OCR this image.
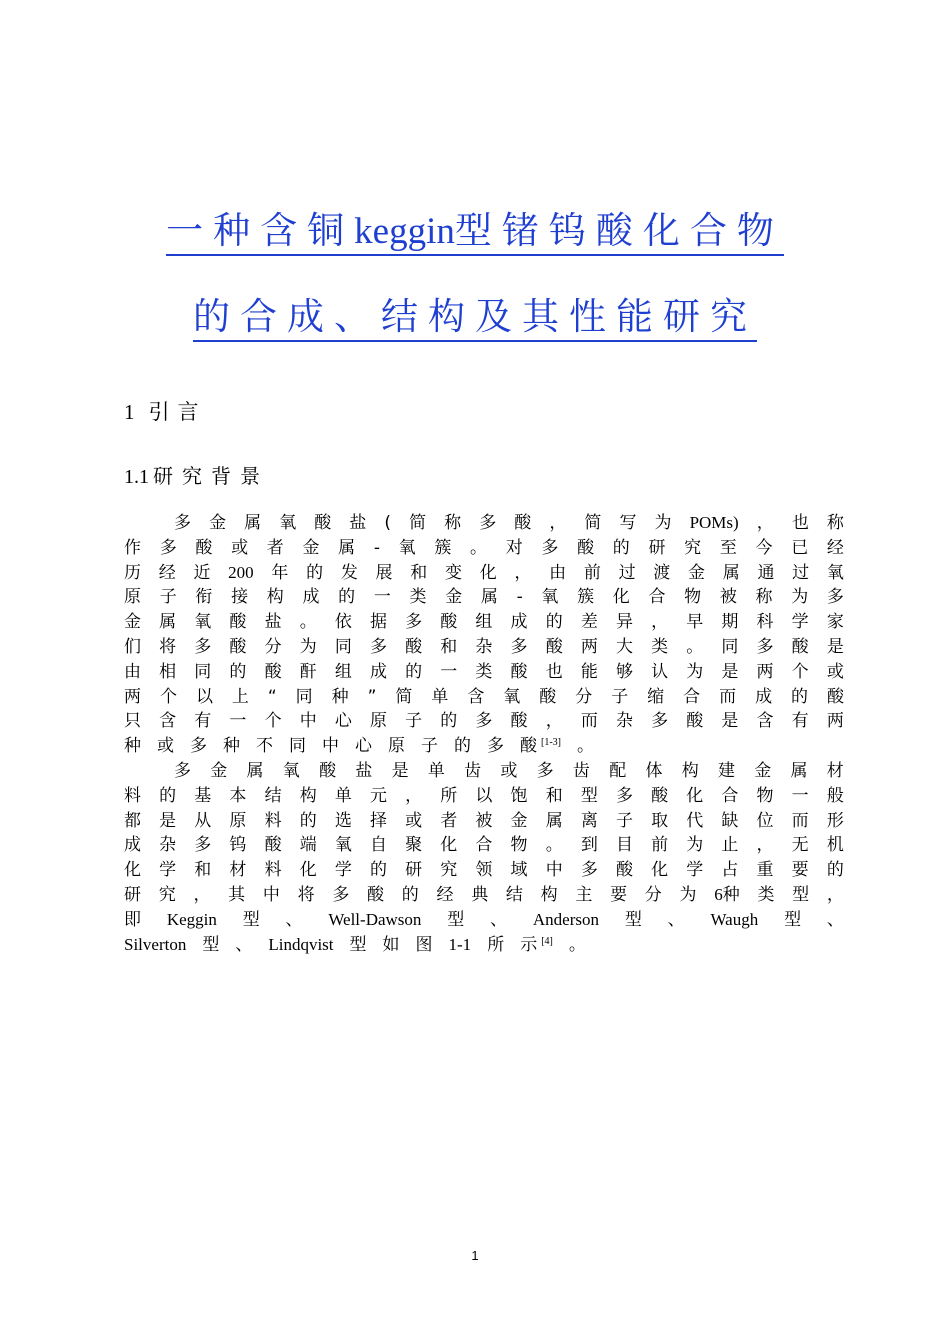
一种含铜keggin型锗钨酸化合物
的合成、结构及其性能研究
1 引言
1.1 研究背景
多 金 属 氧 酸 盐 ( 简 称 多 酸 ， 简 写 为 POMs) ， 也 称
作 多 酸 或 者 金 属 - 氧 簇 。 对 多 酸 的 研 究 至 今 已 经
历 经 近 200 年 的 发 展 和 变 化 ， 由 前 过 渡 金 属 通 过 氧
原 子 衔 接 构 成 的 一 类 金 属 - 氧 簇 化 合 物 被 称 为 多
金 属 氧 酸 盐 。 依 据 多 酸 组 成 的 差 异 ， 早 期 科 学 家
们 将 多 酸 分 为 同 多 酸 和 杂 多 酸 两 大 类 。 同 多 酸 是
由 相 同 的 酸 酐 组 成 的 一 类 酸 也 能 够 认 为 是 两 个 或
两 个 以 上 “ 同 种 ” 简 单 含 氧 酸 分 子 缩 合 而 成 的 酸
只 含 有 一 个 中 心 原 子 的 多 酸 ， 而 杂 多 酸 是 含 有 两
种 或 多 种 不 同 中 心 原 子 的 多 酸 [1-3] 。
多 金 属 氧 酸 盐 是 单 齿 或 多 齿 配 体 构 建 金 属 材
料 的 基 本 结 构 单 元 ， 所 以 饱 和 型 多 酸 化 合 物 一 般
都 是 从 原 料 的 选 择 或 者 被 金 属 离 子 取 代 缺 位 而 形
成 杂 多 钨 酸 端 氧 自 聚 化 合 物 。 到 目 前 为 止 ， 无 机
化 学 和 材 料 化 学 的 研 究 领 域 中 多 酸 化 学 占 重 要 的
研 究 ， 其 中 将 多 酸 的 经 典 结 构 主 要 分 为 6种 类 型 ，
即 Keggin 型 、 Well-Dawson 型 、 Anderson 型 、 Waugh 型 、
Silverton 型 、 Lindqvist 型 如 图 1-1 所 示 [4] 。
1
